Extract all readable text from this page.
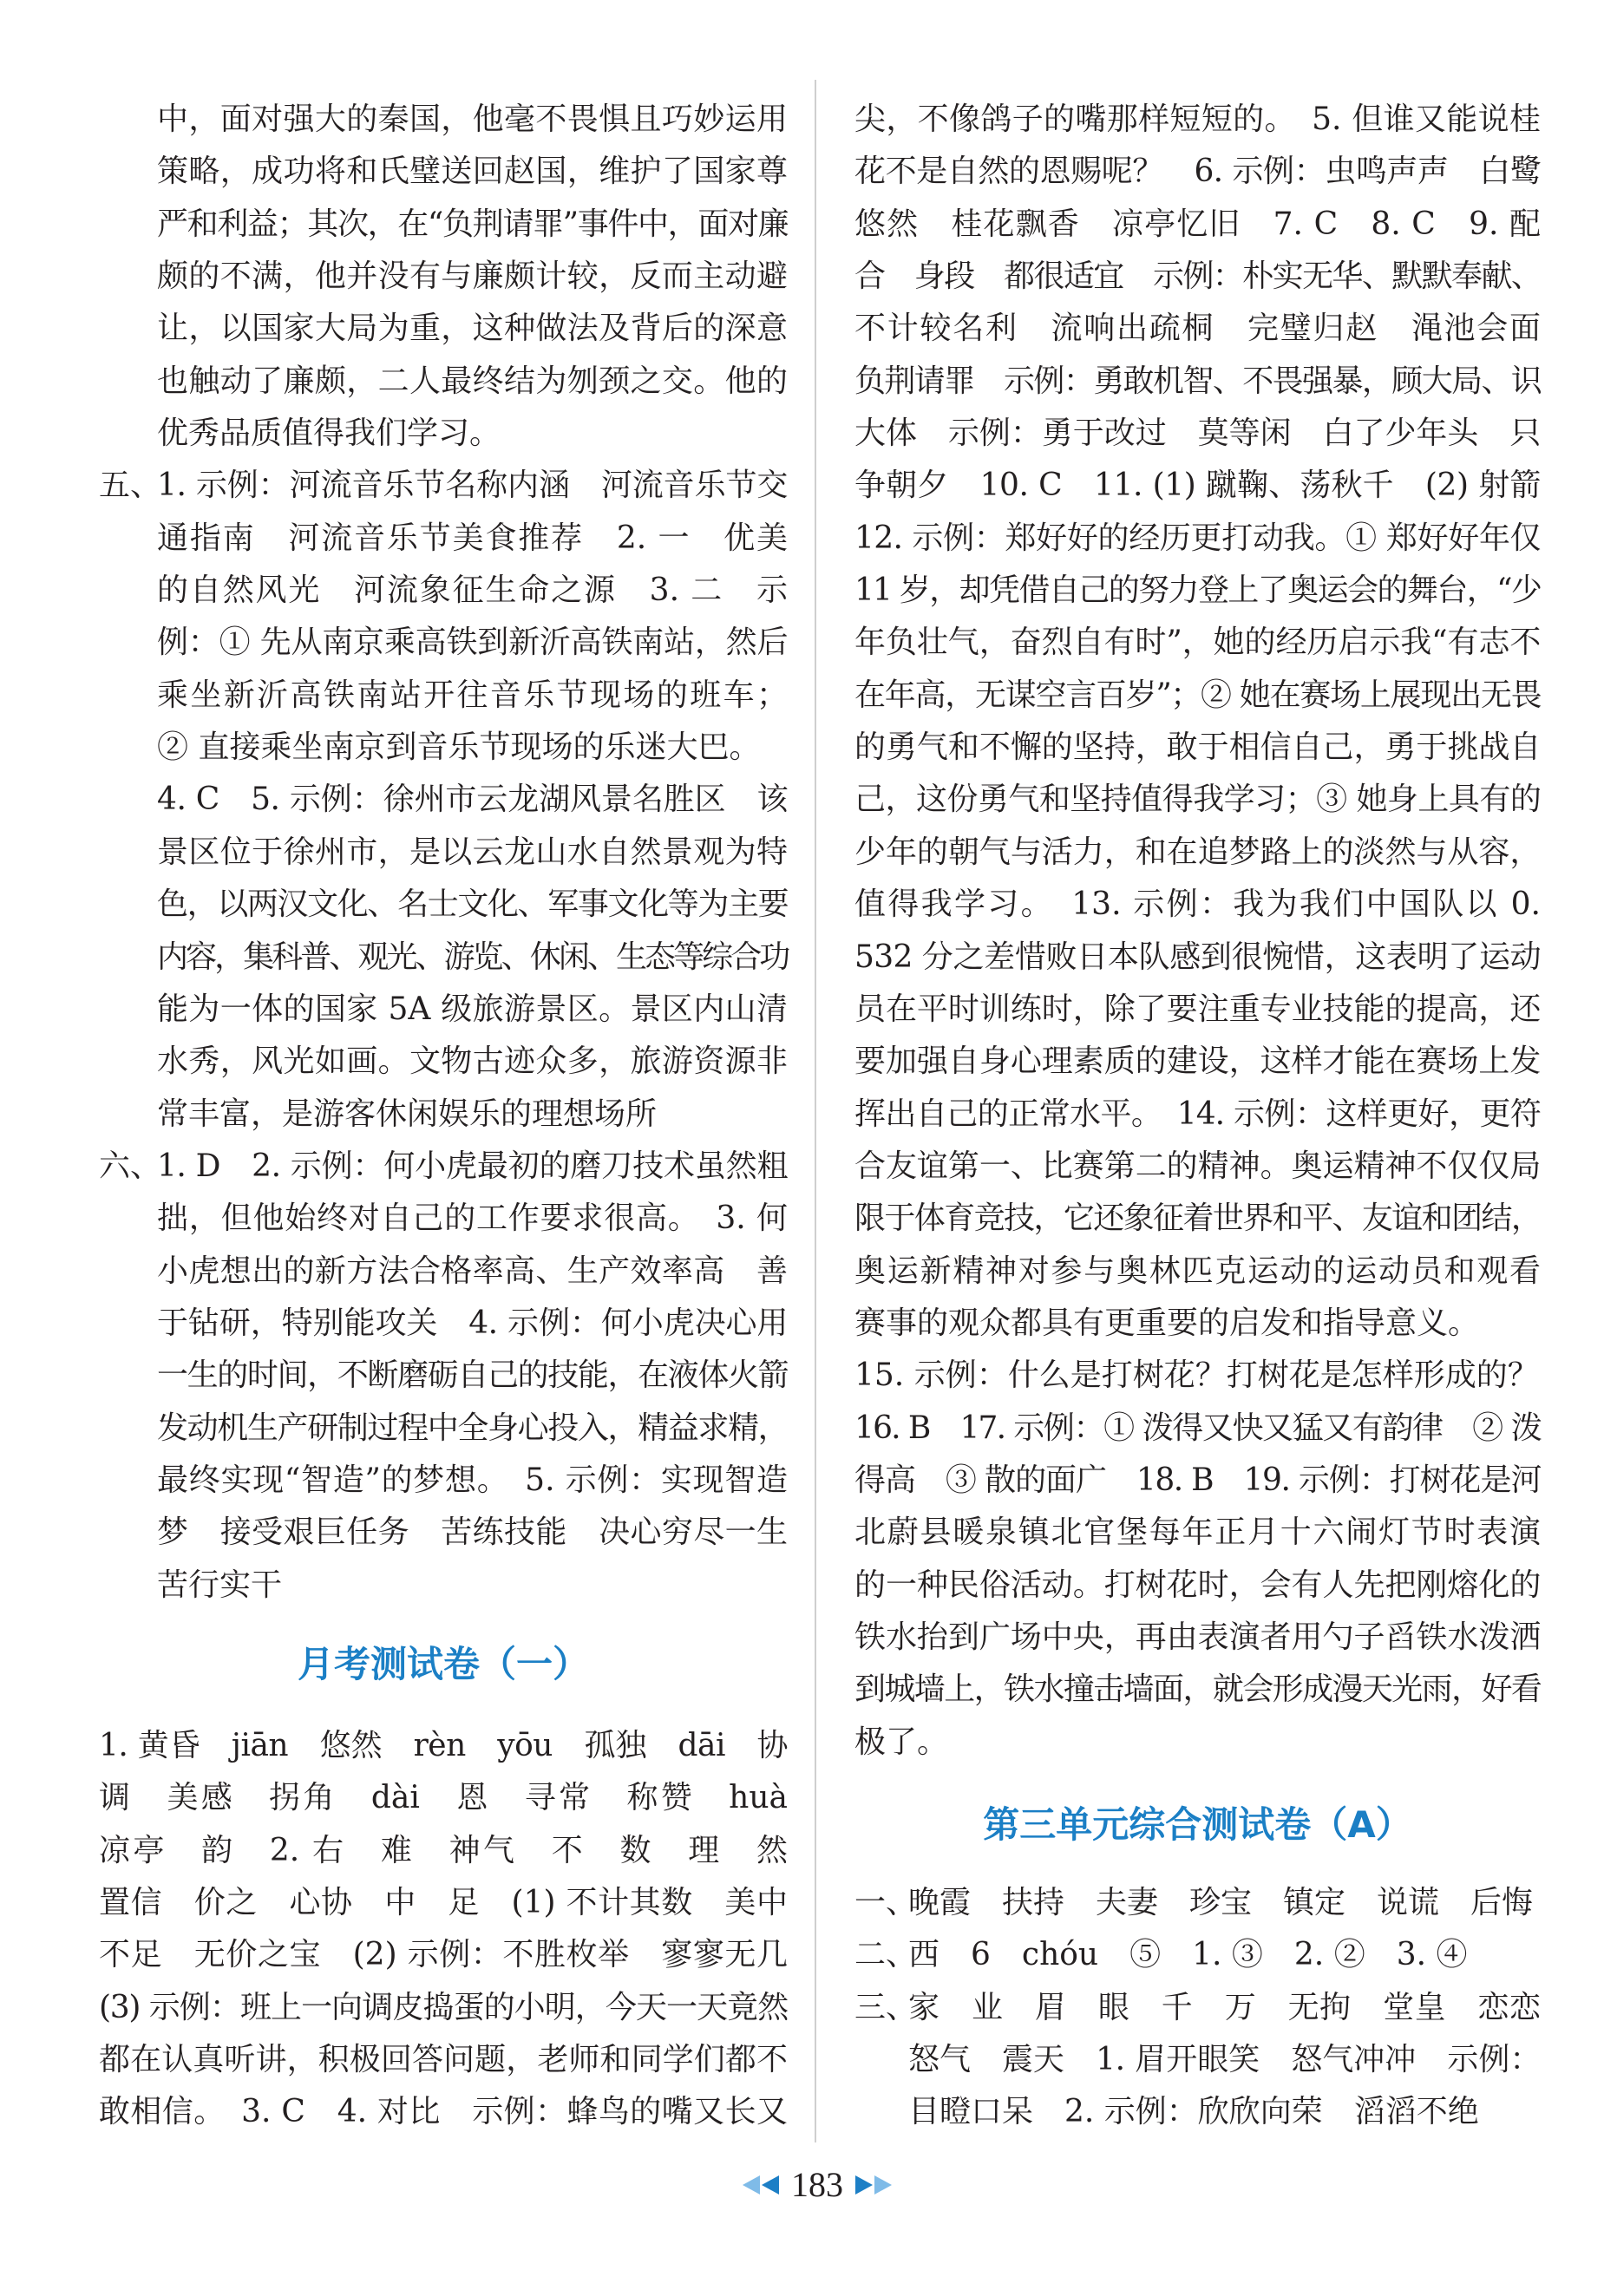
中，面对强大的秦国，他毫不畏惧且巧妙运用
策略，成功将和氏璧送回赵国，维护了国家尊
严和利益；其次，在“负荆请罪”事件中，面对廉
颇的不满，他并没有与廉颇计较，反而主动避
让，以国家大局为重，这种做法及背后的深意
也触动了廉颇，二人最终结为刎颈之交。他的
优秀品质值得我们学习。
五、
1. 示例：河流音乐节名称内涵　河流音乐节交
通指南　河流音乐节美食推荐　2. 一　优美
的自然风光　河流象征生命之源　3. 二　示
例：① 先从南京乘高铁到新沂高铁南站，然后
乘坐新沂高铁南站开往音乐节现场的班车；
② 直接乘坐南京到音乐节现场的乐迷大巴。
4. C　5. 示例：徐州市云龙湖风景名胜区　该
景区位于徐州市，是以云龙山水自然景观为特
色，以两汉文化、名士文化、军事文化等为主要
内容，集科普、观光、游览、休闲、生态等综合功
能为一体的国家 5A 级旅游景区。景区内山清
水秀，风光如画。文物古迹众多，旅游资源非
常丰富，是游客休闲娱乐的理想场所
六、
1. D　2. 示例：何小虎最初的磨刀技术虽然粗
拙，但他始终对自己的工作要求很高。　3. 何
小虎想出的新方法合格率高、生产效率高　善
于钻研，特别能攻关　4. 示例：何小虎决心用
一生的时间，不断磨砺自己的技能，在液体火箭
发动机生产研制过程中全身心投入，精益求精，
最终实现“智造”的梦想。　5. 示例：实现智造
梦　接受艰巨任务　苦练技能　决心穷尽一生
苦行实干
月考测试卷（一）
1. 黄昏　jiān　悠然　rèn　yōu　孤独　dāi　协
调　美感　拐角　dài　恩　寻常　称赞　huà
凉亭　韵　2. 右　难　神气　不　数　理　然
置信　价之　心协　中　足　(1) 不计其数　美中
不足　无价之宝　(2) 示例：不胜枚举　寥寥无几
(3) 示例：班上一向调皮捣蛋的小明，今天一天竟然
都在认真听讲，积极回答问题，老师和同学们都不
敢相信。　3. C　4. 对比　示例：蜂鸟的嘴又长又
尖，不像鸽子的嘴那样短短的。　5. 但谁又能说桂
花不是自然的恩赐呢？　6. 示例：虫鸣声声　白鹭
悠然　桂花飘香　凉亭忆旧　7. C　8. C　9. 配
合　身段　都很适宜　示例：朴实无华、默默奉献、
不计较名利　流响出疏桐　完璧归赵　渑池会面
负荆请罪　示例：勇敢机智、不畏强暴，顾大局、识
大体　示例：勇于改过　莫等闲　白了少年头　只
争朝夕　10. C　11. (1) 蹴鞠、荡秋千　(2) 射箭
12. 示例：郑好好的经历更打动我。① 郑好好年仅
11 岁，却凭借自己的努力登上了奥运会的舞台，“少
年负壮气，奋烈自有时”，她的经历启示我“有志不
在年高，无谋空言百岁”；② 她在赛场上展现出无畏
的勇气和不懈的坚持，敢于相信自己，勇于挑战自
己，这份勇气和坚持值得我学习；③ 她身上具有的
少年的朝气与活力，和在追梦路上的淡然与从容，
值得我学习。　13. 示例：我为我们中国队以 0.
532 分之差惜败日本队感到很惋惜，这表明了运动
员在平时训练时，除了要注重专业技能的提高，还
要加强自身心理素质的建设，这样才能在赛场上发
挥出自己的正常水平。　14. 示例：这样更好，更符
合友谊第一、比赛第二的精神。奥运精神不仅仅局
限于体育竞技，它还象征着世界和平、友谊和团结，
奥运新精神对参与奥林匹克运动的运动员和观看
赛事的观众都具有更重要的启发和指导意义。
15. 示例：什么是打树花？打树花是怎样形成的？
16. B　17. 示例：① 泼得又快又猛又有韵律　② 泼
得高　③ 散的面广　18. B　19. 示例：打树花是河
北蔚县暖泉镇北官堡每年正月十六闹灯节时表演
的一种民俗活动。打树花时，会有人先把刚熔化的
铁水抬到广场中央，再由表演者用勺子舀铁水泼洒
到城墙上，铁水撞击墙面，就会形成漫天光雨，好看
极了。
第三单元综合测试卷（A）
一、
晚霞　扶持　夫妻　珍宝　镇定　说谎　后悔
二、
西　6　chóu　⑤　1. ③　2. ②　3. ④
三、
家　业　眉　眼　千　万　无拘　堂皇　恋恋
怒气　震天　1. 眉开眼笑　怒气冲冲　示例：
目瞪口呆　2. 示例：欣欣向荣　滔滔不绝
183
